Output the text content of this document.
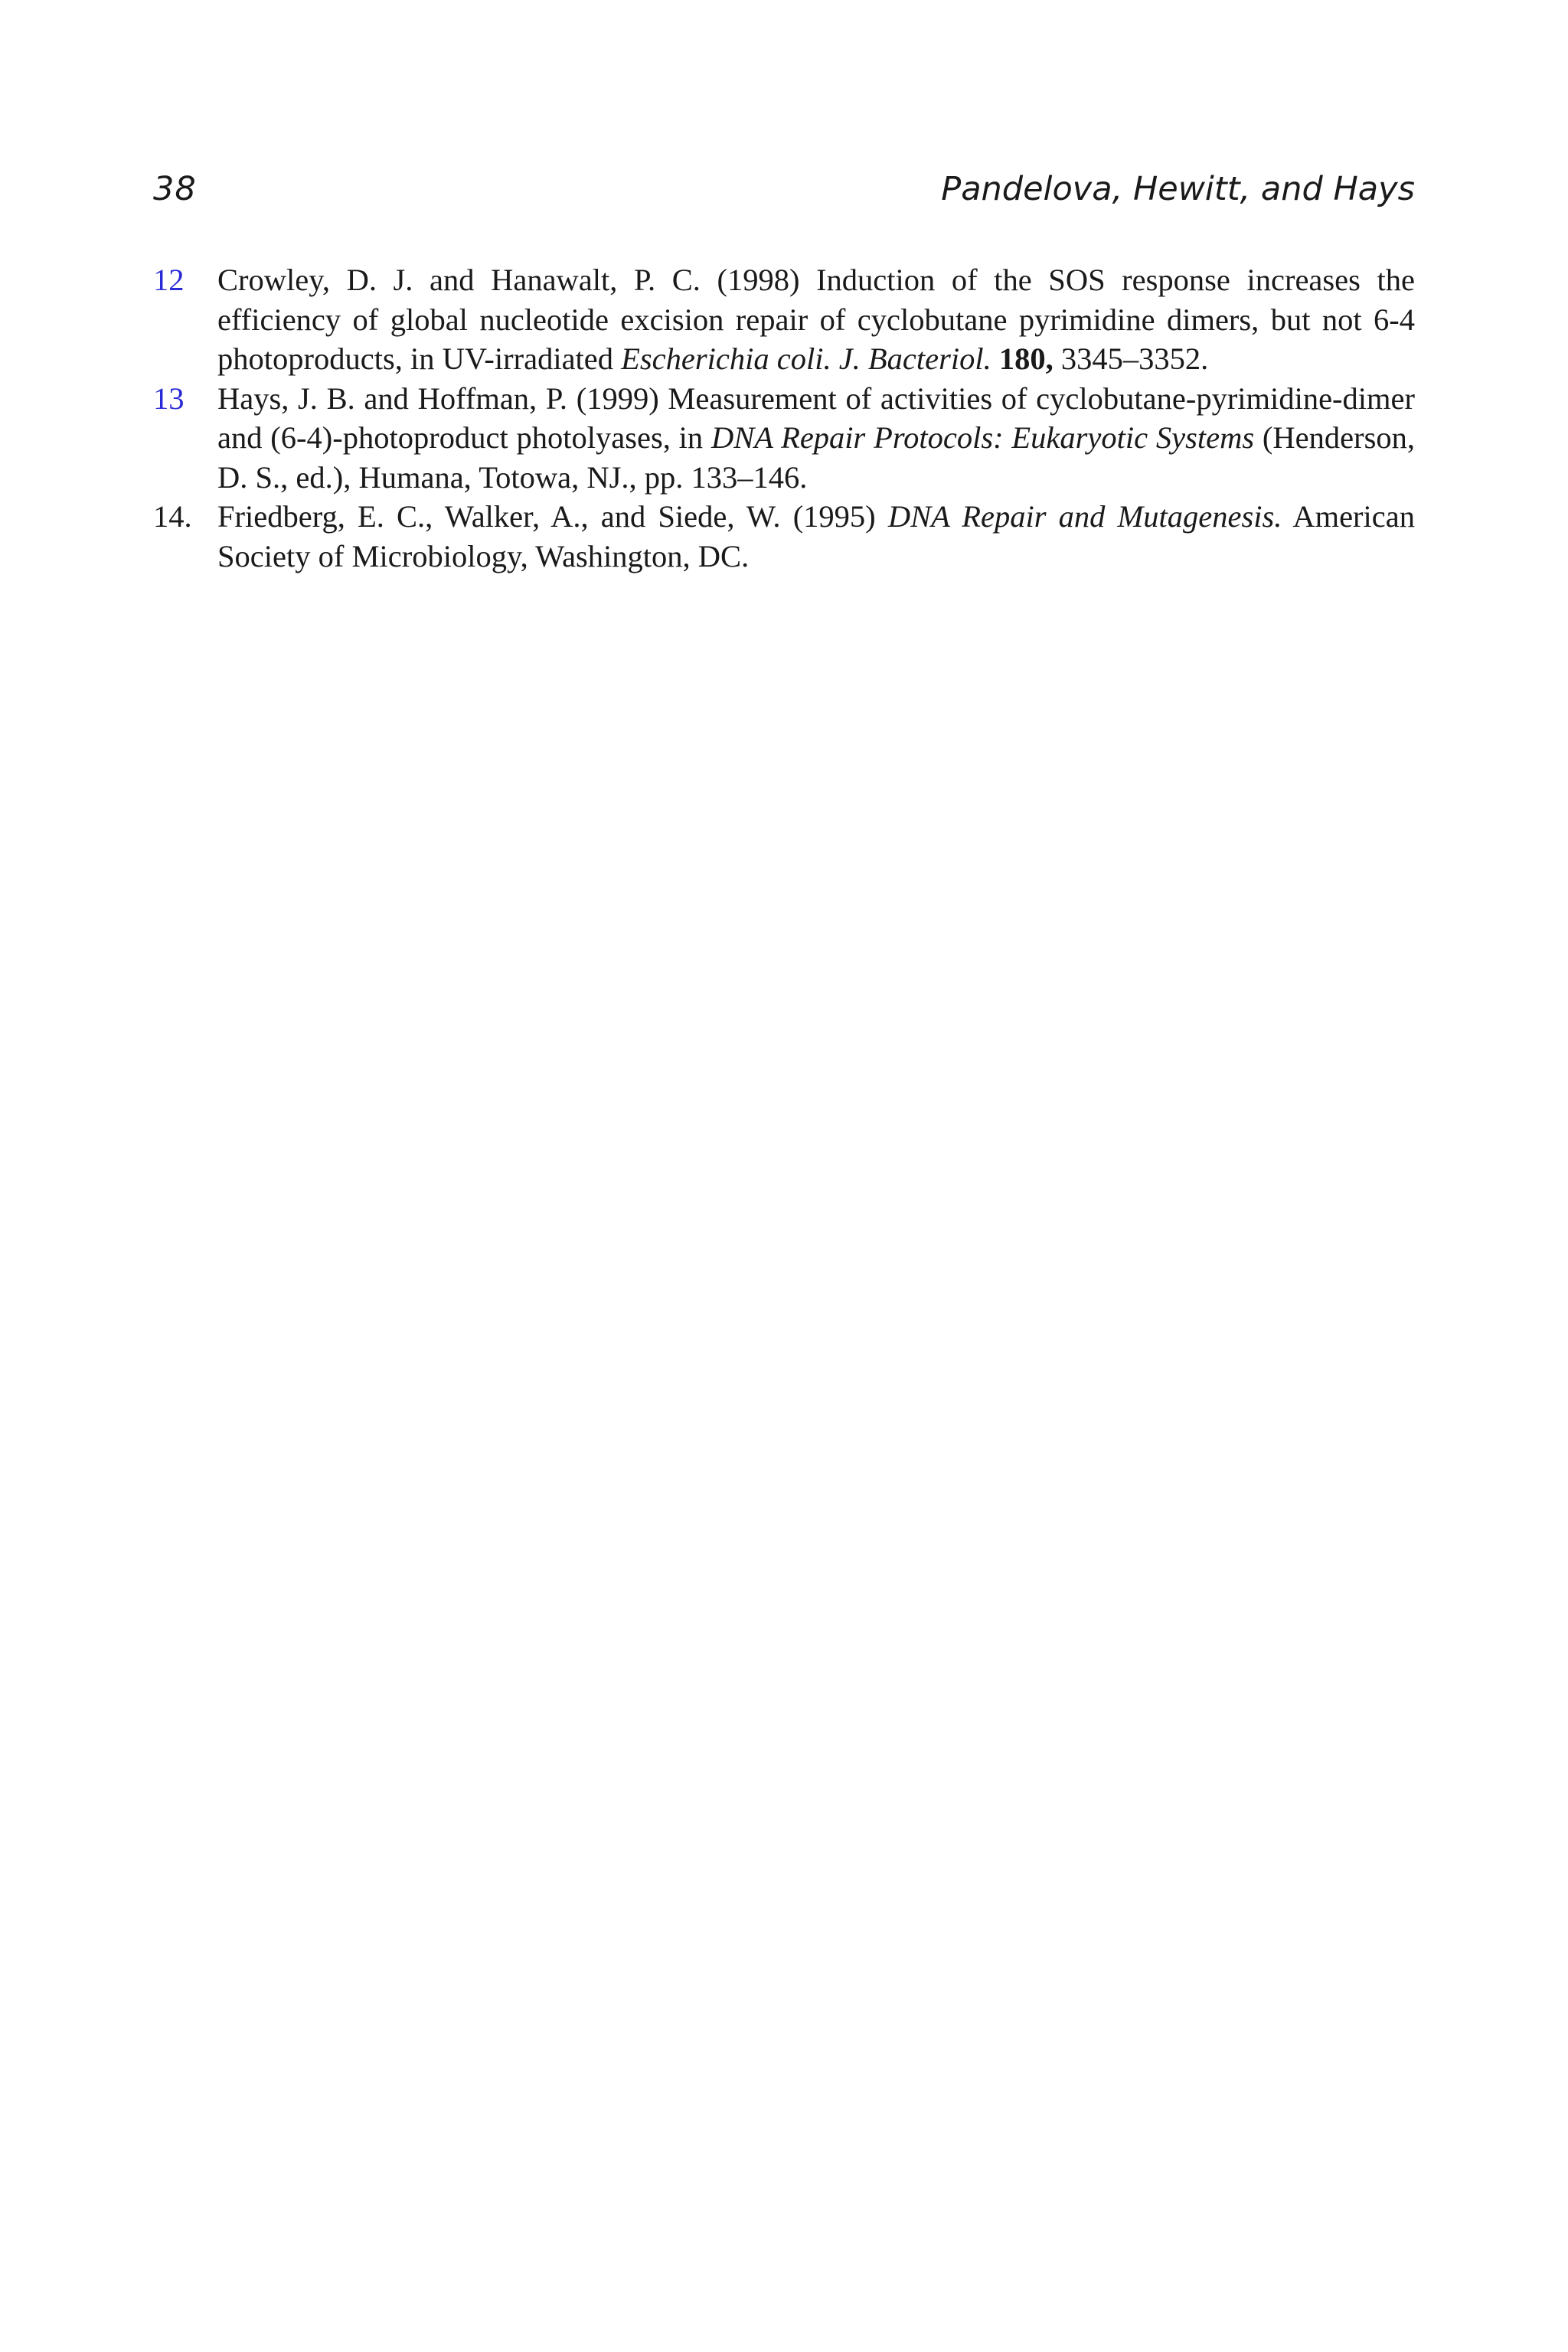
38	Pandelova, Hewitt, and Hays
12 Crowley, D. J. and Hanawalt, P. C. (1998) Induction of the SOS response increases the efficiency of global nucleotide excision repair of cyclobutane pyrimidine dimers, but not 6-4 photoproducts, in UV-irradiated Escherichia coli. J. Bacteriol. 180, 3345–3352.
13 Hays, J. B. and Hoffman, P. (1999) Measurement of activities of cyclobutane-pyrimidine-dimer and (6-4)-photoproduct photolyases, in DNA Repair Protocols: Eukaryotic Systems (Henderson, D. S., ed.), Humana, Totowa, NJ., pp. 133–146.
14. Friedberg, E. C., Walker, A., and Siede, W. (1995) DNA Repair and Mutagenesis. American Society of Microbiology, Washington, DC.
